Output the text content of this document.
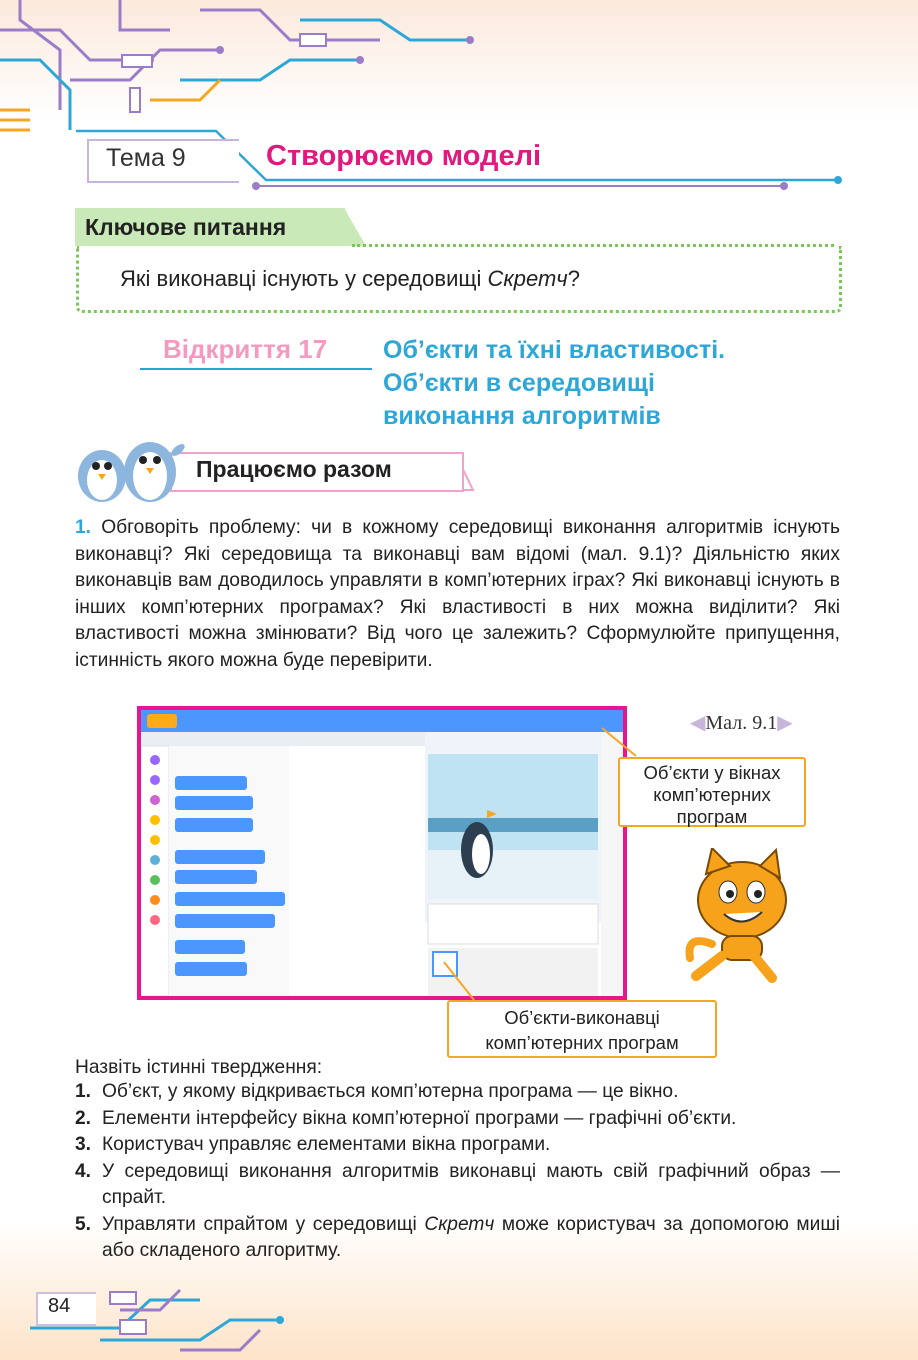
Тема 9	Створюємо моделі
Ключове питання
Які виконавці існують у середовищі Скретч?
Відкриття 17 Об’єкти та їхні властивості.
Об’єкти в середовищі
виконання алгоритмів
Працюємо разом
1. Обговоріть проблему: чи в кожному середовищі виконання алгоритмів існують виконавці? Які середовища та виконавці вам відомі (мал. 9.1)? Діяльністю яких виконавців вам доводилось управляти в комп’ютерних іграх? Які виконавці існують в інших комп’ютерних програмах? Які властивості в них можна виділити? Які властивості можна змінювати? Від чого це залежить? Сформулюйте припущення, істинність якого можна буде перевірити.
◀Мал. 9.1▶
Об’єкти у вікнах
комп’ютерних
програм
Об’єкти-виконавці
комп’ютерних програм
Назвіть істинні твердження:
1. Об’єкт, у якому відкривається комп’ютерна програма — це вікно.
2. Елементи інтерфейсу вікна комп’ютерної програми — графічні об’єкти.
3. Користувач управляє елементами вікна програми.
4. У середовищі виконання алгоритмів виконавці мають свій графічний образ — спрайт.
5. Управляти спрайтом у середовищі Скретч може користувач за допомогою миші або складеного алгоритму.
84
